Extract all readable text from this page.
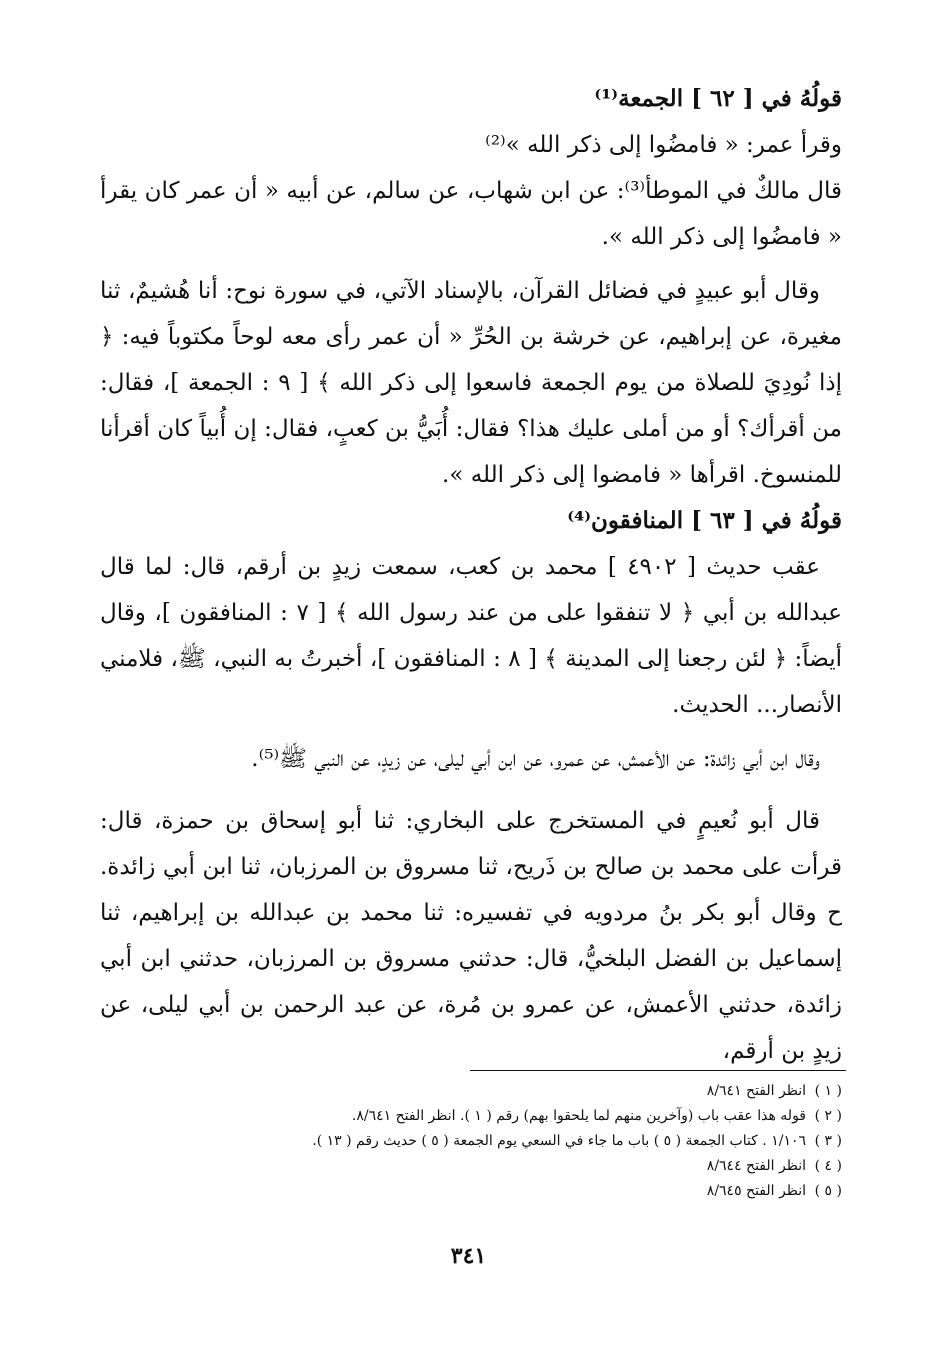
قولُهُ في [ ٦٢ ] الجمعة⁽¹⁾

وقرأ عمر: « فامضُوا إلى ذكر الله »⁽²⁾

قال مالكٌ في الموطأ⁽³⁾: عن ابن شهاب، عن سالم، عن أبيه « أن عمر كان يقرأ « فامضُوا إلى ذكر الله ».

وقال أبو عبيدٍ في فضائل القرآن، بالإسناد الآتي، في سورة نوح: أنا هُشيمٌ، ثنا مغيرة، عن إبراهيم، عن خرشة بن الحُرِّ « أن عمر رأى معه لوحاً مكتوباً فيه: ﴿ إذا نُودِيَ للصلاة من يوم الجمعة فاسعوا إلى ذكر الله ﴾ [ ٩ : الجمعة ]، فقال: من أقرأك؟ أو من أملى عليك هذا؟ فقال: أُبَيُّ بن كعبٍ، فقال: إن أُبياً كان أقرأنا للمنسوخ. اقرأها « فامضوا إلى ذكر الله ».

قولُهُ في [ ٦٣ ] المنافقون⁽⁴⁾

عقب حديث [ ٤٩٠٢ ] محمد بن كعب، سمعت زيدٍ بن أرقم، قال: لما قال عبدالله بن أبي ﴿ لا تنفقوا على من عند رسول الله ﴾ [ ٧ : المنافقون ]، وقال أيضاً: ﴿ لئن رجعنا إلى المدينة ﴾ [ ٨ : المنافقون ]، أخبرتُ به النبي، ﷺ، فلامني الأنصار... الحديث.

وقال ابن أبي زائدة: عن الأعمش، عن عمرو، عن ابن أبي ليلى، عن زيدٍ، عن النبي ﷺ⁽⁵⁾.

قال أبو نُعيمٍ في المستخرج على البخاري: ثنا أبو إسحاق بن حمزة، قال: قرأت على محمد بن صالح بن ذَريح، ثنا مسروق بن المرزبان، ثنا ابن أبي زائدة. ح وقال أبو بكر بنُ مردويه في تفسيره: ثنا محمد بن عبدالله بن إبراهيم، ثنا إسماعيل بن الفضل البلخيُّ، قال: حدثني مسروق بن المرزبان، حدثني ابن أبي زائدة، حدثني الأعمش، عن عمرو بن مُرة، عن عبد الرحمن بن أبي ليلى، عن زيدٍ بن أرقم،

( ١ )
انظر الفتح ٨/٦٤١
( ٢ )
قوله هذا عقب باب (وآخرين منهم لما يلحقوا بهم) رقم ( ١ ). انظر الفتح ٨/٦٤١.
( ٣ )
١/١٠٦ . كتاب الجمعة ( ٥ ) باب ما جاء في السعي يوم الجمعة ( ٥ ) حديث رقم ( ١٣ ).
( ٤ )
انظر الفتح ٨/٦٤٤
( ٥ )
انظر الفتح ٨/٦٤٥
٣٤١
